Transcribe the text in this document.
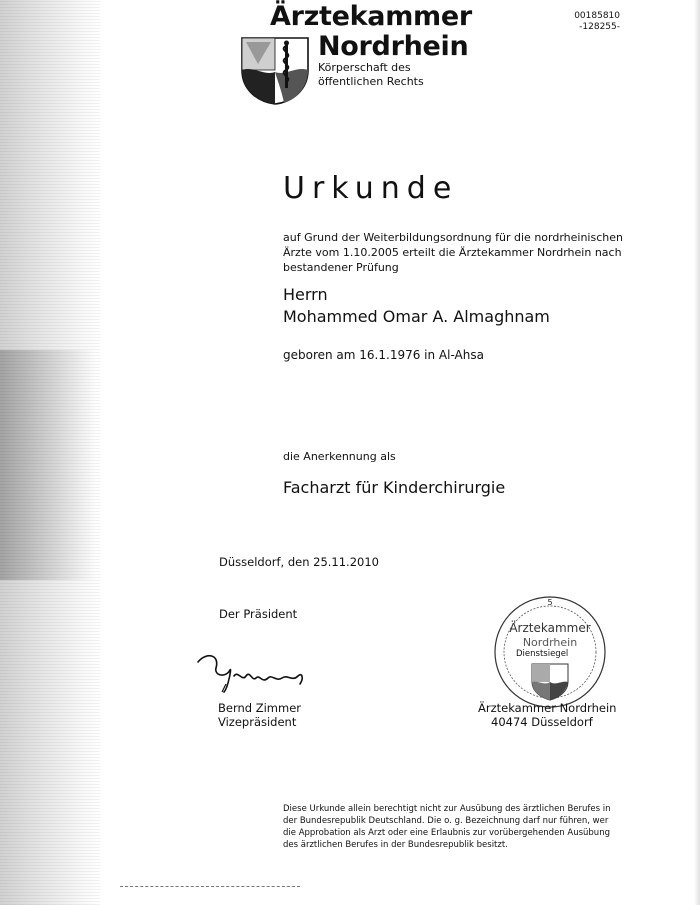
Ärztekammer
Nordrhein
Körperschaft des
öffentlichen Rechts
00185810
-128255-
Urkunde
auf Grund der Weiterbildungsordnung für die nordrheinischen Ärzte vom 1.10.2005 erteilt die Ärztekammer Nordrhein nach bestandener Prüfung
Herrn
Mohammed Omar A. Almaghnam
geboren am 16.1.1976 in Al-Ahsa
die Anerkennung als
Facharzt für Kinderchirurgie
Düsseldorf, den 25.11.2010
Der Präsident
Bernd Zimmer
Vizepräsident
5
Ärztekammer
Nordrhein
Dienstsiegel
Ärztekammer Nordrhein
40474 Düsseldorf
Diese Urkunde allein berechtigt nicht zur Ausübung des ärztlichen Berufes in der Bundesrepublik Deutschland. Die o. g. Bezeichnung darf nur führen, wer die Approbation als Arzt oder eine Erlaubnis zur vorübergehenden Ausübung des ärztlichen Berufes in der Bundesrepublik besitzt.
